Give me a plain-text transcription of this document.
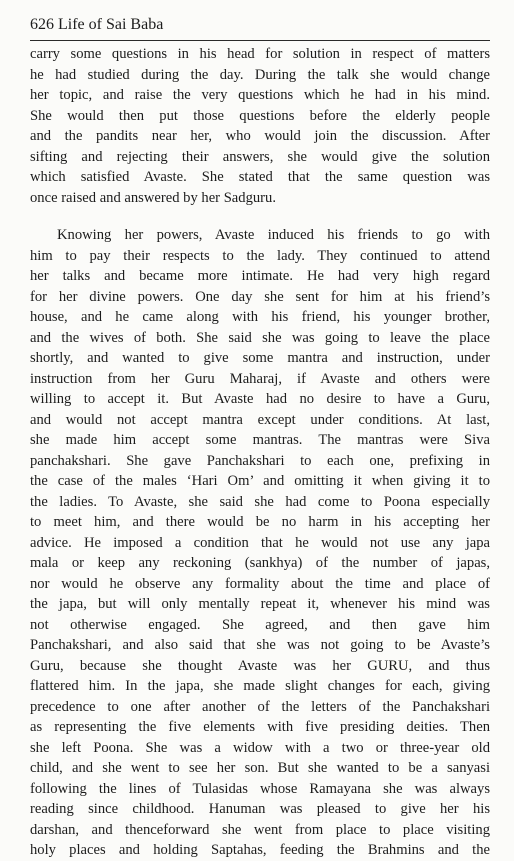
626 Life of Sai Baba
carry some questions in his head for solution in respect of matters
he had studied during the day. During the talk she would change
her topic, and raise the very questions which he had in his mind.
She would then put those questions before the elderly people
and the pandits near her, who would join the discussion. After
sifting and rejecting their answers, she would give the solution
which satisfied Avaste. She stated that the same question was
once raised and answered by her Sadguru.
Knowing her powers, Avaste induced his friends to go with
him to pay their respects to the lady. They continued to attend
her talks and became more intimate. He had very high regard
for her divine powers. One day she sent for him at his friend’s
house, and he came along with his friend, his younger brother,
and the wives of both. She said she was going to leave the place
shortly, and wanted to give some mantra and instruction, under
instruction from her Guru Maharaj, if Avaste and others were
willing to accept it. But Avaste had no desire to have a Guru,
and would not accept mantra except under conditions. At last,
she made him accept some mantras. The mantras were Siva
panchakshari. She gave Panchakshari to each one, prefixing in
the case of the males ‘Hari Om’ and omitting it when giving it to
the ladies. To Avaste, she said she had come to Poona especially
to meet him, and there would be no harm in his accepting her
advice. He imposed a condition that he would not use any japa
mala or keep any reckoning (sankhya) of the number of japas,
nor would he observe any formality about the time and place of
the japa, but will only mentally repeat it, whenever his mind was
not otherwise engaged. She agreed, and then gave him
Panchakshari, and also said that she was not going to be Avaste’s
Guru, because she thought Avaste was her GURU, and thus
flattered him. In the japa, she made slight changes for each, giving
precedence to one after another of the letters of the Panchakshari
as representing the five elements with five presiding deities. Then
she left Poona. She was a widow with a two or three-year old
child, and she went to see her son. But she wanted to be a sanyasi
following the lines of Tulasidas whose Ramayana she was always
reading since childhood. Hanuman was pleased to give her his
darshan, and thenceforward she went from place to place visiting
holy places and holding Saptahas, feeding the Brahmins and the
